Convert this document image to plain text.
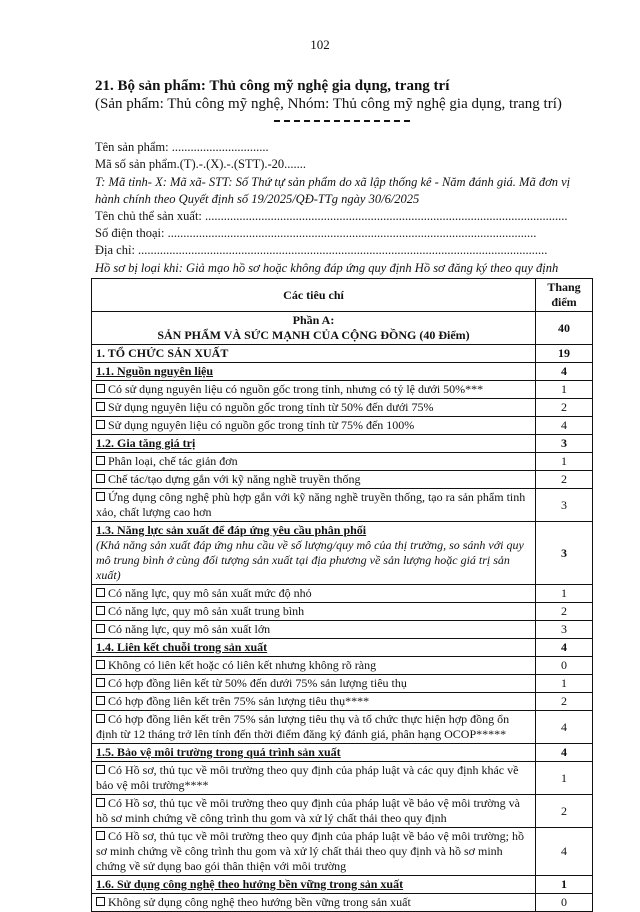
102
21. Bộ sản phẩm: Thủ công mỹ nghệ gia dụng, trang trí
(Sản phẩm: Thủ công mỹ nghệ, Nhóm: Thủ công mỹ nghệ gia dụng, trang trí)
Tên sản phẩm: ...............................
Mã số sản phẩm.(T).-.(X).-.(STT).-20.......
T: Mã tỉnh- X: Mã xã- STT: Số Thứ tự sản phẩm do xã lập thống kê - Năm đánh giá. Mã đơn vị hành chính theo Quyết định số 19/2025/QĐ-TTg ngày 30/6/2025
Tên chủ thể sản xuất: ....................................................................................................................
Số điện thoại: ......................................................................................................................
Địa chỉ: ...................................................................................................................................
Hồ sơ bị loại khi: Giả mạo hồ sơ hoặc không đáp ứng quy định Hồ sơ đăng ký theo quy định
Các tiêu chí	Thang điểm
Phần A:
SẢN PHẨM VÀ SỨC MẠNH CỦA CỘNG ĐỒNG (40 Điểm)	40
1. TỔ CHỨC SẢN XUẤT	19
1.1. Nguồn nguyên liệu	4
Có sử dụng nguyên liệu có nguồn gốc trong tỉnh, nhưng có tỷ lệ dưới 50%***	1
Sử dụng nguyên liệu có nguồn gốc trong tỉnh từ 50% đến dưới 75%	2
Sử dụng nguyên liệu có nguồn gốc trong tỉnh từ 75% đến 100%	4
1.2. Gia tăng giá trị	3
Phân loại, chế tác giản đơn	1
Chế tác/tạo dựng gắn với kỹ năng nghề truyền thống	2
Ứng dụng công nghệ phù hợp gắn với kỹ năng nghề truyền thống, tạo ra sản phẩm tinh xảo, chất lượng cao hơn	3
1.3. Năng lực sản xuất để đáp ứng yêu cầu phân phối
(Khả năng sản xuất đáp ứng nhu cầu về số lượng/quy mô của thị trường, so sánh với quy mô trung bình ở cùng đối tượng sản xuất tại địa phương về sản lượng hoặc giá trị sản xuất)	3
Có năng lực, quy mô sản xuất mức độ nhỏ	1
Có năng lực, quy mô sản xuất trung bình	2
Có năng lực, quy mô sản xuất lớn	3
1.4. Liên kết chuỗi trong sản xuất	4
Không có liên kết hoặc có liên kết nhưng không rõ ràng	0
Có hợp đồng liên kết từ 50% đến dưới 75% sản lượng tiêu thụ	1
Có hợp đồng liên kết trên 75% sản lượng tiêu thụ****	2
Có hợp đồng liên kết trên 75% sản lượng tiêu thụ và tổ chức thực hiện hợp đồng ổn định từ 12 tháng trở lên tính đến thời điểm đăng ký đánh giá, phân hạng OCOP*****	4
1.5. Bảo vệ môi trường trong quá trình sản xuất	4
Có Hồ sơ, thủ tục về môi trường theo quy định của pháp luật và các quy định khác về bảo vệ môi trường****	1
Có Hồ sơ, thủ tục về môi trường theo quy định của pháp luật về bảo vệ môi trường và hồ sơ minh chứng về công trình thu gom và xử lý chất thải theo quy định	2
Có Hồ sơ, thủ tục về môi trường theo quy định của pháp luật về bảo vệ môi trường; hồ sơ minh chứng về công trình thu gom và xử lý chất thải theo quy định và hồ sơ minh chứng về sử dụng bao gói thân thiện với môi trường	4
1.6. Sử dụng công nghệ theo hướng bền vững trong sản xuất	1
Không sử dụng công nghệ theo hướng bền vững trong sản xuất	0
